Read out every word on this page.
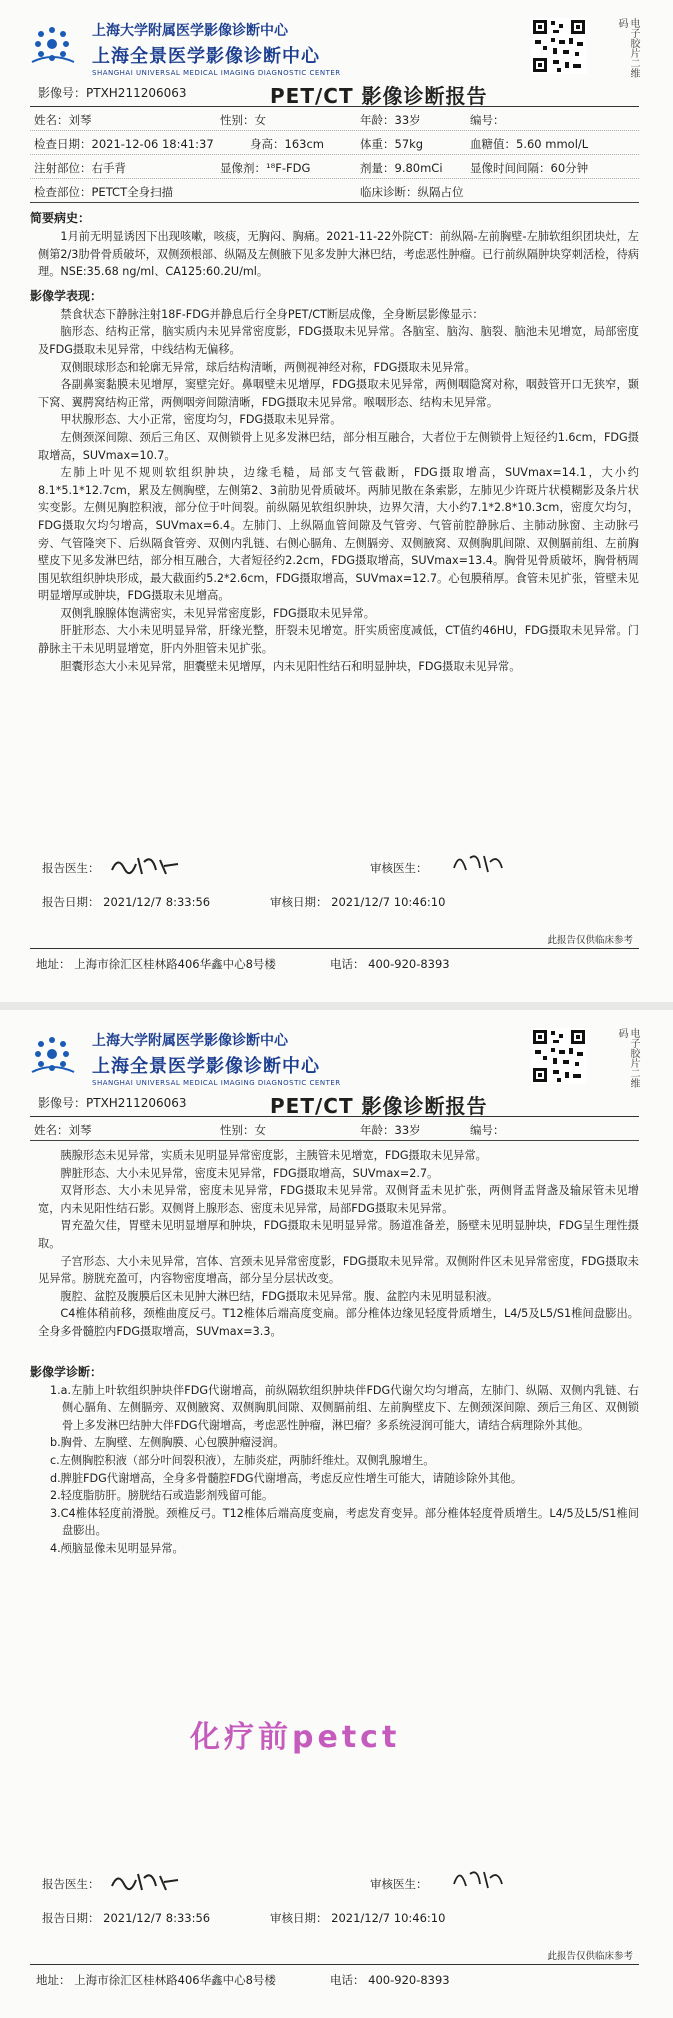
上海大学附属医学影像诊断中心
上海全景医学影像诊断中心
SHANGHAI UNIVERSAL MEDICAL IMAGING DIAGNOSTIC CENTER	电子胶片二维码
影像号：PTXH211206063	PET/CT 影像诊断报告
姓名：刘琴	性别：女	年龄：33岁	编号：
检查日期：2021-12-06 18:41:37	身高：163cm	体重：57kg	血糖值：5.60 mmol/L
注射部位：右手背	显像剂：¹⁸F-FDG	剂量：9.80mCi 显像时间间隔：60分钟
检查部位：PETCT全身扫描	临床诊断：纵隔占位
简要病史：

1月前无明显诱因下出现咳嗽，咳痰，无胸闷、胸痛。2021-11-22外院CT：前纵隔-左前胸壁-左肺软组织团块灶，左侧第2/3肋骨骨质破坏，双侧颈根部、纵隔及左侧腋下见多发肿大淋巴结，考虑恶性肿瘤。已行前纵隔肿块穿刺活检，待病理。NSE:35.68 ng/ml、CA125:60.2U/ml。

影像学表现：

禁食状态下静脉注射18F-FDG并静息后行全身PET/CT断层成像，全身断层影像显示：

脑形态、结构正常，脑实质内未见异常密度影，FDG摄取未见异常。各脑室、脑沟、脑裂、脑池未见增宽，局部密度及FDG摄取未见异常，中线结构无偏移。

双侧眼球形态和轮廓无异常，球后结构清晰，两侧视神经对称，FDG摄取未见异常。

各副鼻窦黏膜未见增厚，窦壁完好。鼻咽壁未见增厚，FDG摄取未见异常，两侧咽隐窝对称，咽鼓管开口无狭窄，颞下窝、翼腭窝结构正常，两侧咽旁间隙清晰，FDG摄取未见异常。喉咽形态、结构未见异常。

甲状腺形态、大小正常，密度均匀，FDG摄取未见异常。

左侧颈深间隙、颈后三角区、双侧锁骨上见多发淋巴结，部分相互融合，大者位于左侧锁骨上短径约1.6cm，FDG摄取增高，SUVmax=10.7。

左肺上叶见不规则软组织肿块，边缘毛糙，局部支气管截断，FDG摄取增高，SUVmax=14.1，大小约8.1*5.1*12.7cm，累及左侧胸壁，左侧第2、3前肋见骨质破坏。两肺见散在条索影，左肺见少许斑片状模糊影及条片状实变影。左侧见胸腔积液，部分位于叶间裂。前纵隔见软组织肿块，边界欠清，大小约7.1*2.8*10.3cm，密度欠均匀，FDG摄取欠均匀增高，SUVmax=6.4。左肺门、上纵隔血管间隙及气管旁、气管前腔静脉后、主肺动脉窗、主动脉弓旁、气管隆突下、后纵隔食管旁、双侧内乳链、右侧心膈角、左侧膈旁、双侧腋窝、双侧胸肌间隙、双侧膈前组、左前胸壁皮下见多发淋巴结，部分相互融合，大者短径约2.2cm，FDG摄取增高，SUVmax=13.4。胸骨见骨质破坏，胸骨柄周围见软组织肿块形成，最大截面约5.2*2.6cm，FDG摄取增高，SUVmax=12.7。心包膜稍厚。食管未见扩张，管壁未见明显增厚或肿块，FDG摄取未见增高。

双侧乳腺腺体饱满密实，未见异常密度影，FDG摄取未见异常。

肝脏形态、大小未见明显异常，肝缘光整，肝裂未见增宽。肝实质密度减低，CT值约46HU，FDG摄取未见异常。门静脉主干未见明显增宽，肝内外胆管未见扩张。

胆囊形态大小未见异常，胆囊壁未见增厚，内未见阳性结石和明显肿块，FDG摄取未见异常。

报告医生：	审核医生：
报告日期： 2021/12/7 8:33:56	审核日期： 2021/12/7 10:46:10
此报告仅供临床参考
地址： 上海市徐汇区桂林路406华鑫中心8号楼	电话： 400-920-8393
上海大学附属医学影像诊断中心
上海全景医学影像诊断中心
SHANGHAI UNIVERSAL MEDICAL IMAGING DIAGNOSTIC CENTER	电子胶片二维码
影像号：PTXH211206063	PET/CT 影像诊断报告
姓名：刘琴	性别：女	年龄：33岁	编号：

胰腺形态未见异常，实质未见明显异常密度影，主胰管未见增宽，FDG摄取未见异常。

脾脏形态、大小未见异常，密度未见异常，FDG摄取增高，SUVmax=2.7。

双肾形态、大小未见异常，密度未见异常，FDG摄取未见异常。双侧肾盂未见扩张，两侧肾盂肾盏及输尿管未见增宽，内未见阳性结石影。双侧肾上腺形态、密度未见异常，局部FDG摄取未见异常。

胃充盈欠佳，胃壁未见明显增厚和肿块，FDG摄取未见明显异常。肠道准备差，肠壁未见明显肿块，FDG呈生理性摄取。

子宫形态、大小未见异常，宫体、宫颈未见异常密度影，FDG摄取未见异常。双侧附件区未见异常密度，FDG摄取未见异常。膀胱充盈可，内容物密度增高，部分呈分层状改变。

腹腔、盆腔及腹膜后区未见肿大淋巴结，FDG摄取未见异常。腹、盆腔内未见明显积液。

C4椎体稍前移，颈椎曲度反弓。T12椎体后端高度变扁。部分椎体边缘见轻度骨质增生，L4/5及L5/S1椎间盘膨出。全身多骨髓腔内FDG摄取增高，SUVmax=3.3。

影像学诊断：
1.a.左肺上叶软组织肿块伴FDG代谢增高，前纵隔软组织肿块伴FDG代谢欠均匀增高，左肺门、纵隔、双侧内乳链、右侧心膈角、左侧膈旁、双侧腋窝、双侧胸肌间隙、双侧膈前组、左前胸壁皮下、左侧颈深间隙、颈后三角区、双侧锁骨上多发淋巴结肿大伴FDG代谢增高，考虑恶性肿瘤，淋巴瘤？多系统浸润可能大，请结合病理除外其他。
b.胸骨、左胸壁、左侧胸膜、心包膜肿瘤浸润。
c.左侧胸腔积液（部分叶间裂积液），左肺炎症，两肺纤维灶。双侧乳腺增生。
d.脾脏FDG代谢增高，全身多骨髓腔FDG代谢增高，考虑反应性增生可能大，请随诊除外其他。
2.轻度脂肪肝。膀胱结石或造影剂残留可能。
3.C4椎体轻度前滑脱。颈椎反弓。T12椎体后端高度变扁，考虑发育变异。部分椎体轻度骨质增生。L4/5及L5/S1椎间盘膨出。
4.颅脑显像未见明显异常。
化疗前petct
报告医生：	审核医生：
报告日期： 2021/12/7 8:33:56	审核日期： 2021/12/7 10:46:10
此报告仅供临床参考
地址： 上海市徐汇区桂林路406华鑫中心8号楼	电话： 400-920-8393
